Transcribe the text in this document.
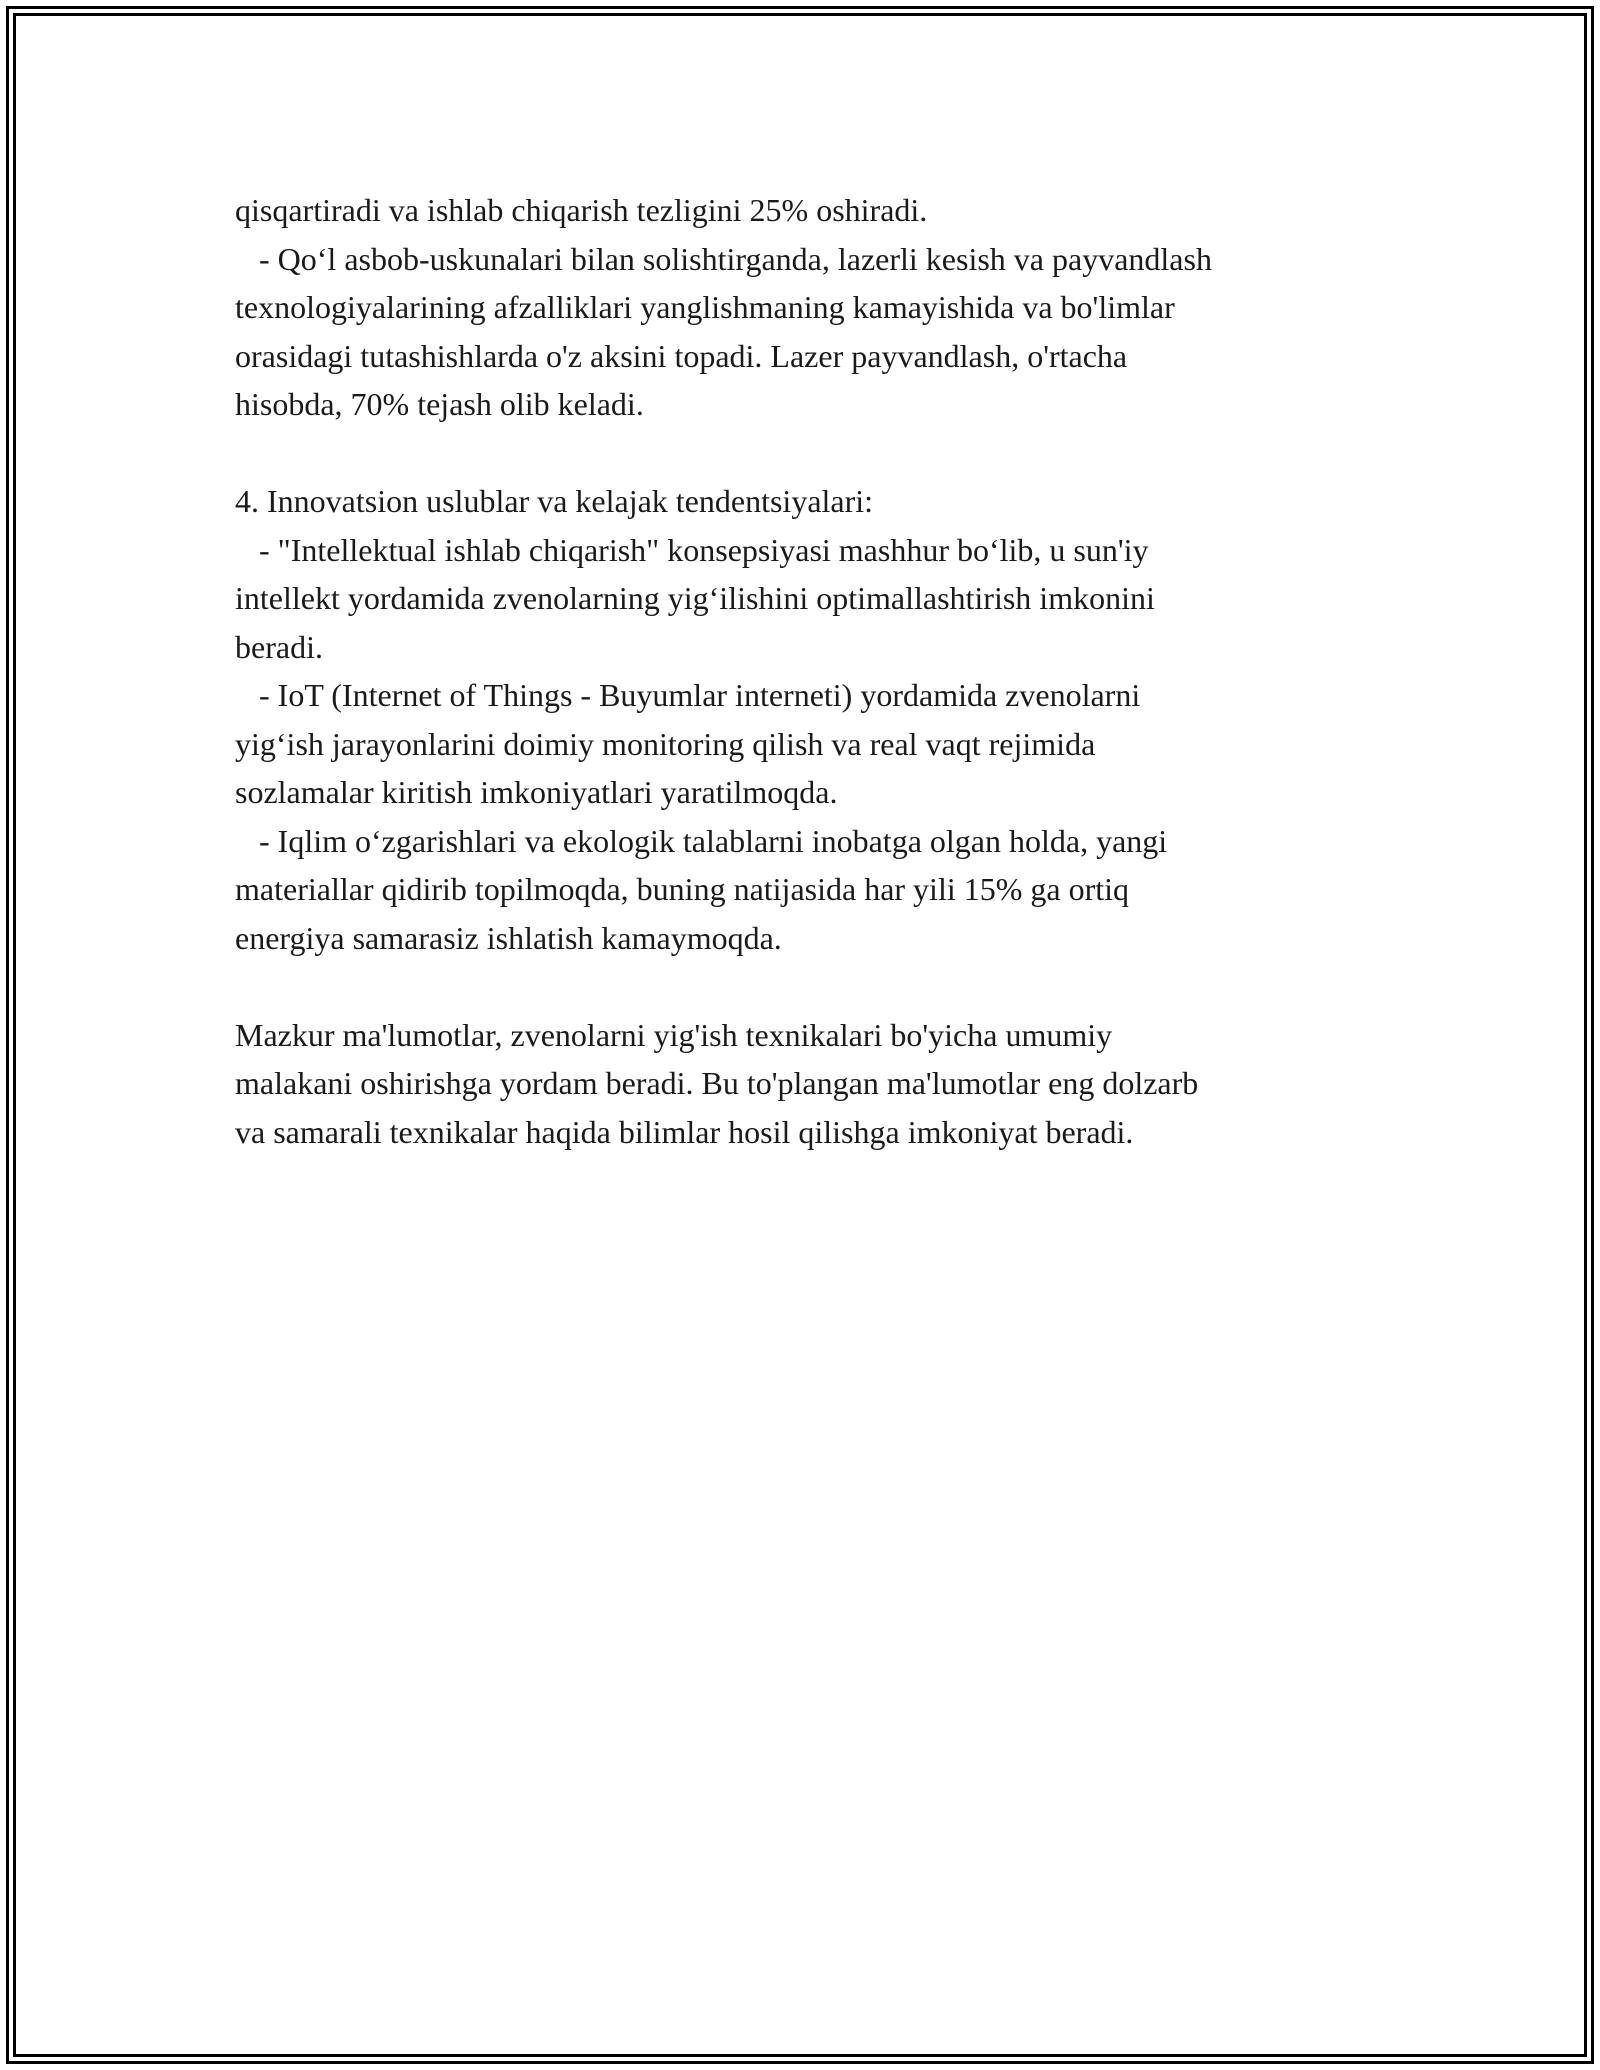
qisqartiradi va ishlab chiqarish tezligini 25% oshiradi.
- Qo‘l asbob-uskunalari bilan solishtirganda, lazerli kesish va payvandlash
texnologiyalarining afzalliklari yanglishmaning kamayishida va bo'limlar
orasidagi tutashishlarda o'z aksini topadi. Lazer payvandlash, o'rtacha
hisobda, 70% tejash olib keladi.
4. Innovatsion uslublar va kelajak tendentsiyalari:
- "Intellektual ishlab chiqarish" konsepsiyasi mashhur bo‘lib, u sun'iy
intellekt yordamida zvenolarning yig‘ilishini optimallashtirish imkonini
beradi.
- IoT (Internet of Things - Buyumlar interneti) yordamida zvenolarni
yig‘ish jarayonlarini doimiy monitoring qilish va real vaqt rejimida
sozlamalar kiritish imkoniyatlari yaratilmoqda.
- Iqlim o‘zgarishlari va ekologik talablarni inobatga olgan holda, yangi
materiallar qidirib topilmoqda, buning natijasida har yili 15% ga ortiq
energiya samarasiz ishlatish kamaymoqda.
Mazkur ma'lumotlar, zvenolarni yig'ish texnikalari bo'yicha umumiy
malakani oshirishga yordam beradi. Bu to'plangan ma'lumotlar eng dolzarb
va samarali texnikalar haqida bilimlar hosil qilishga imkoniyat beradi.
